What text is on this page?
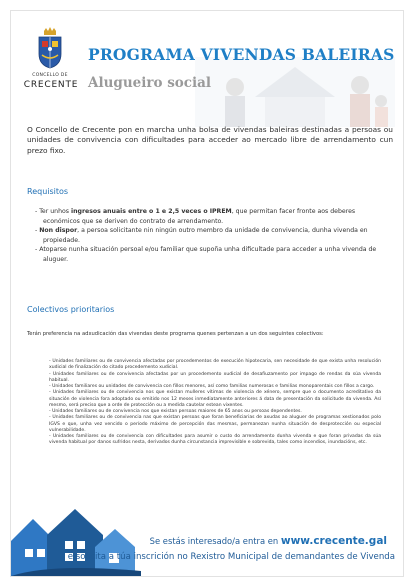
CONCELLO DE
CRECENTE
PROGRAMA VIVENDAS BALEIRAS
Alugueiro social
O Concello de Crecente pon en marcha unha bolsa de vivendas baleiras destinadas a persoas ou unidades de convivencia con dificultades para acceder ao mercado libre de arrendamento cun prezo fixo.
Requisitos
- Ter unhos ingresos anuais entre o 1 e 2,5 veces o IPREM, que permitan facer fronte aos deberes económicos que se deriven do contrato de arrendamento.
- Non dispor, a persoa solicitante nin ningún outro membro da unidade de convivencia, dunha vivenda en propiedade.
- Atoparse nunha situación persoal e/ou familiar que supoña unha dificultade para acceder a unha vivenda de aluguer.
Colectivos prioritarios
Terán preferencia na adxudicación das vivendas deste programa quenes pertenzan a un dos seguintes colectivos:
- Unidades familiares ou de convivencia afectadas por procedementos de execución hipotecaria, sen necesidade de que exista unha resolución xudicial de finalización do citado procedemento xudicial.
- Unidades familiares ou de convivencia afectadas por un procedemento xudicial de desafiuzamento por impago de rendas da súa vivenda habitual.
- Unidades familiares ou unidades de convivencia con fillos menores, así como familias numerosas e familias monoparentais con fillos a cargo.
- Unidades familiares ou de convivencia nos que existan mulleres vítimas de violencia de xénero, sempre que o documento acreditativo da situación de violencia fora adoptado ou emitido nos 12 meses inmediatamente anteriores á data de presentación da solicitude da vivenda. Así mesmo, será preciso que a orde de protección ou a medida cautelar estean vixentes.
- Unidades familiares ou de convivencia nos que existan persoas maiores de 65 anos ou persoas dependentes.
- Unidades familiares ou de convivencia nas que existan persoas que foran beneficiarias de axudas ao aluguer de programas xestionados polo IGVS e que, unha vez vencido o período máximo de percepción das mesmas, permanezan nunha situación de desprotección ou especial vulnerabilidade.
- Unidades familiares ou de convivencia con dificultades para asumir o custo do arrendamento dunha vivenda e que foran privadas da súa vivenda habitual por danos sufridos nesta, derivados dunha circunstancia imprevisible e sobrevida, tales como incendios, inundacións, etc.
Se estás interesado/a entra en www.crecente.gal
e solicita a túa inscrición no Rexistro Municipal de demandantes de Vivenda
